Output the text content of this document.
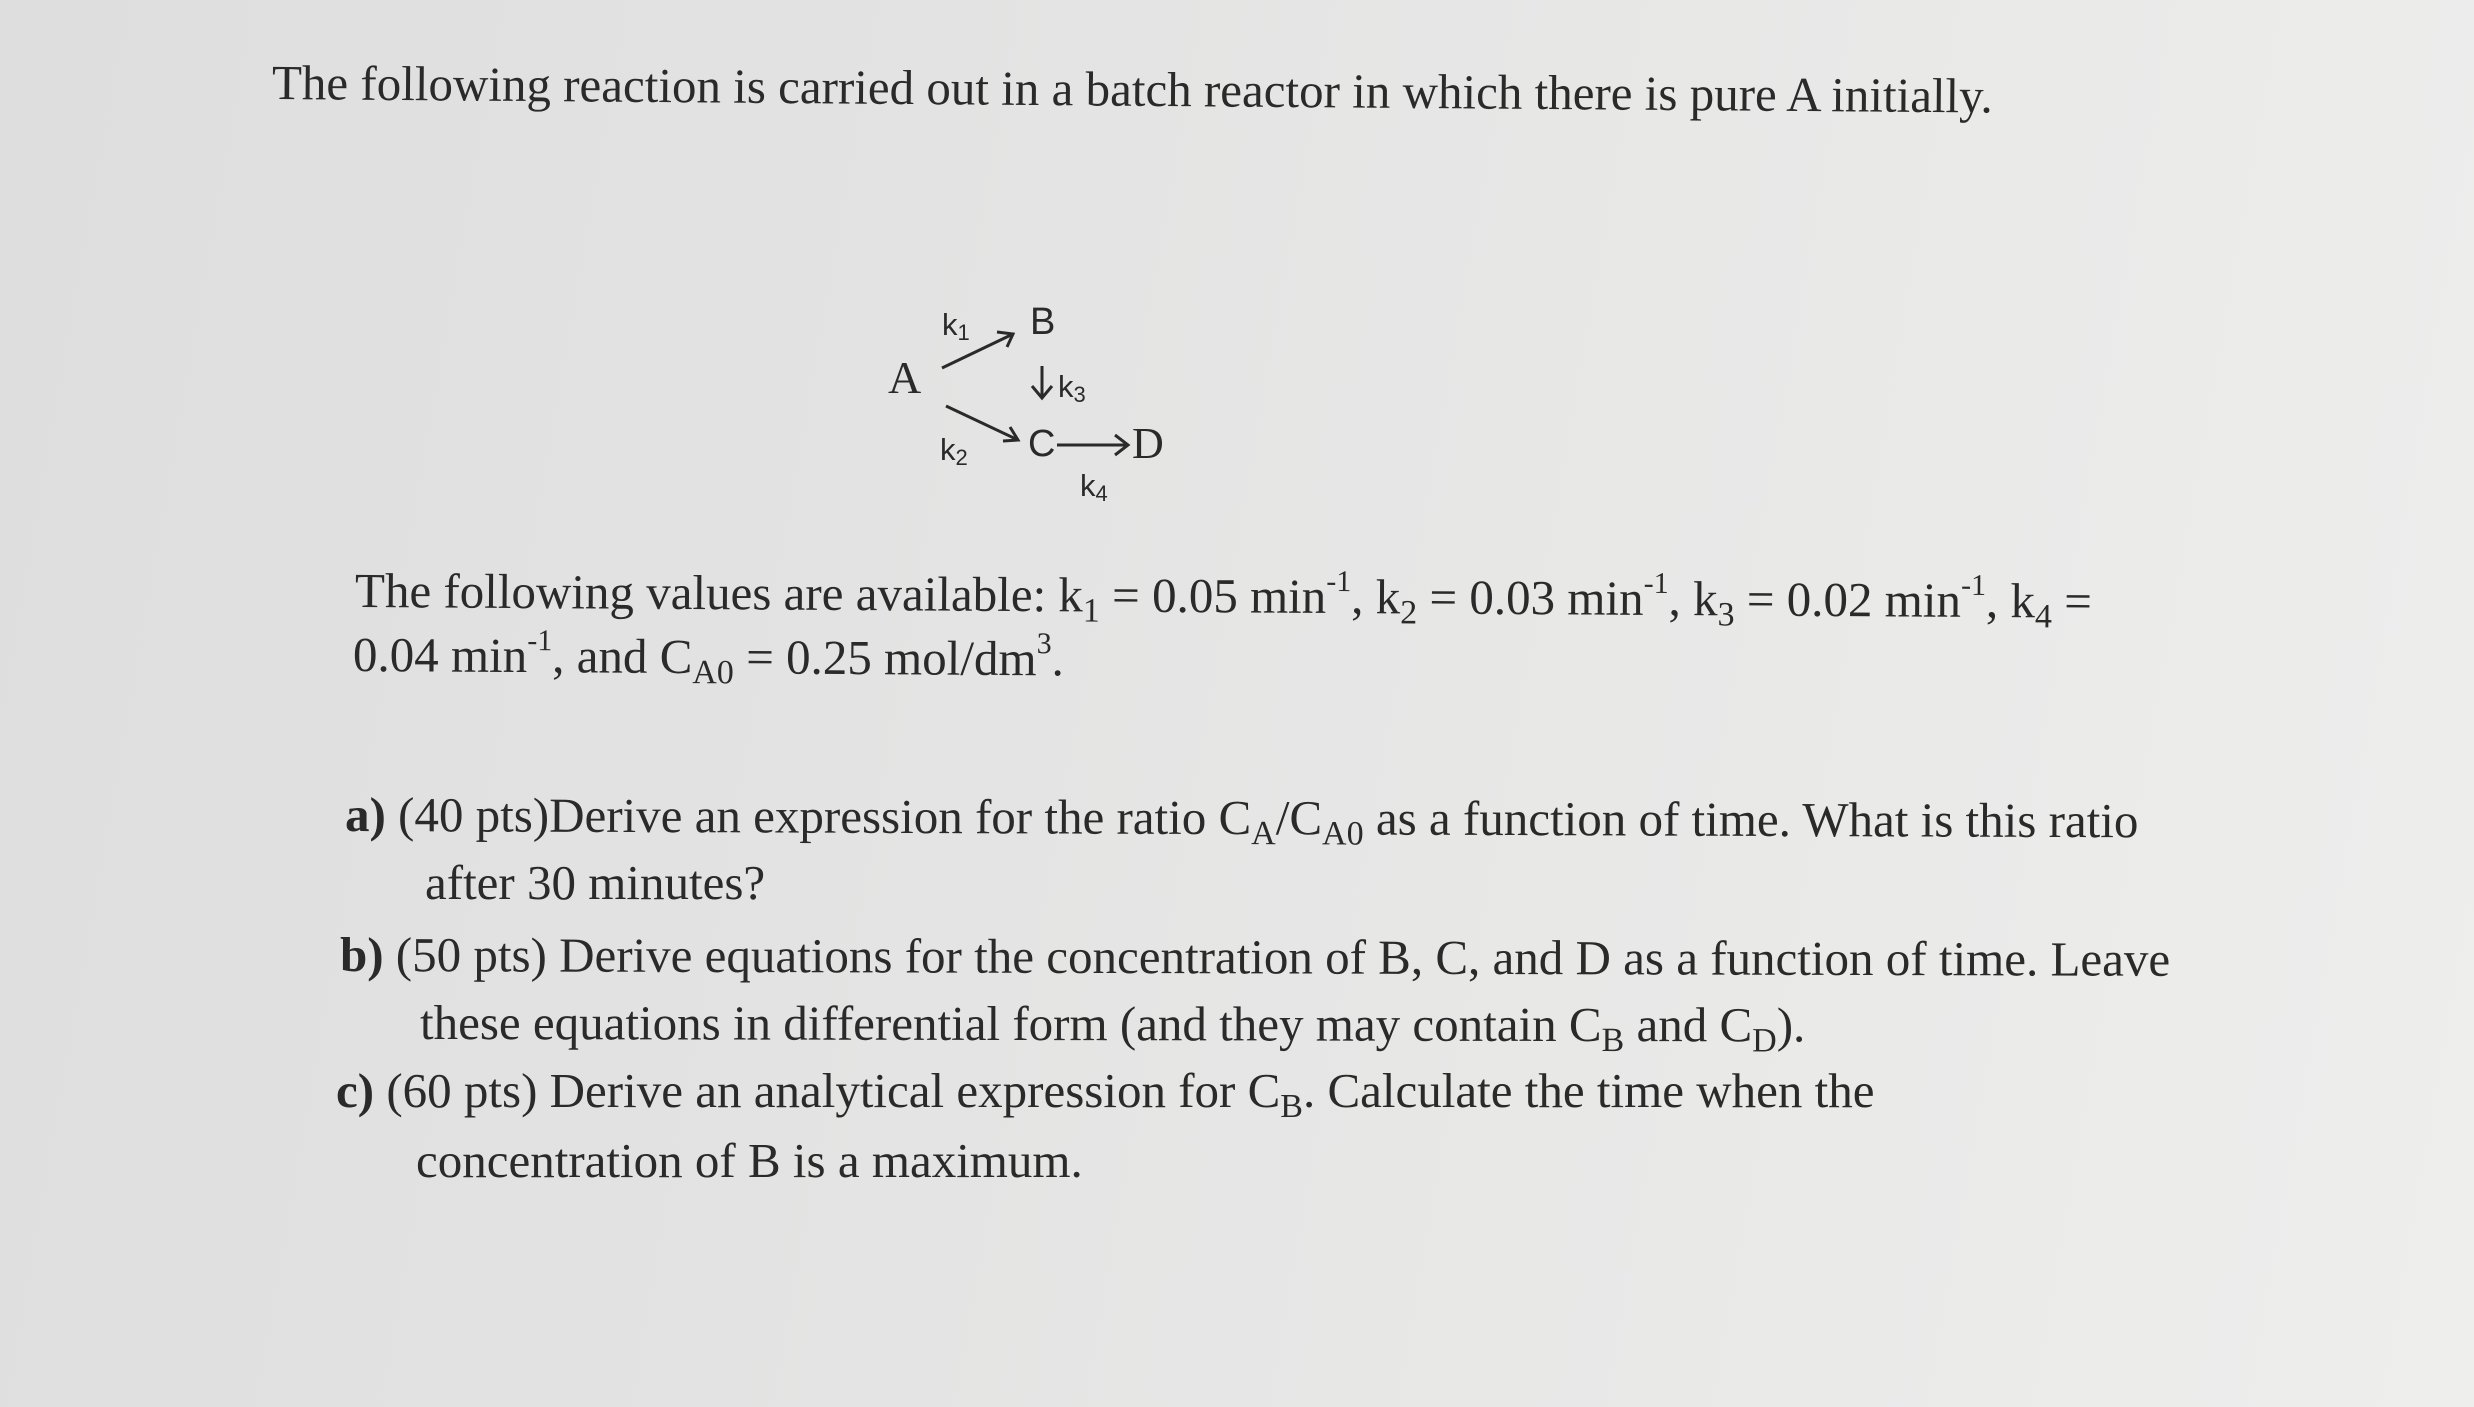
The following reaction is carried out in a batch reactor in which there is pure A initially.
A
k1 B
k3
k2 C D
k4
The following values are available: $k_1 = 0.05$ $\min^{-1}$, $k_2 = 0.03$ $\min^{-1}$, $k_3 = 0.02$ $\min^{-1}$, $k_4$ =
0.04 $\min^{-1}$, and $C_{A0} = 0.25$ mol/$dm^3$.
a) (40 pts)Derive an expression for the ratio $C_A/C_{A0}$ as a function of time. What is this ratio
after 30 minutes?
b) (50 pts) Derive equations for the concentration of B, C, and D as a function of time. Leave
these equations in differential form (and they may contain $C_B$ and $C_D$).
c) (60 pts) Derive an analytical expression for $C_B$. Calculate the time when the
concentration of B is a maximum.
